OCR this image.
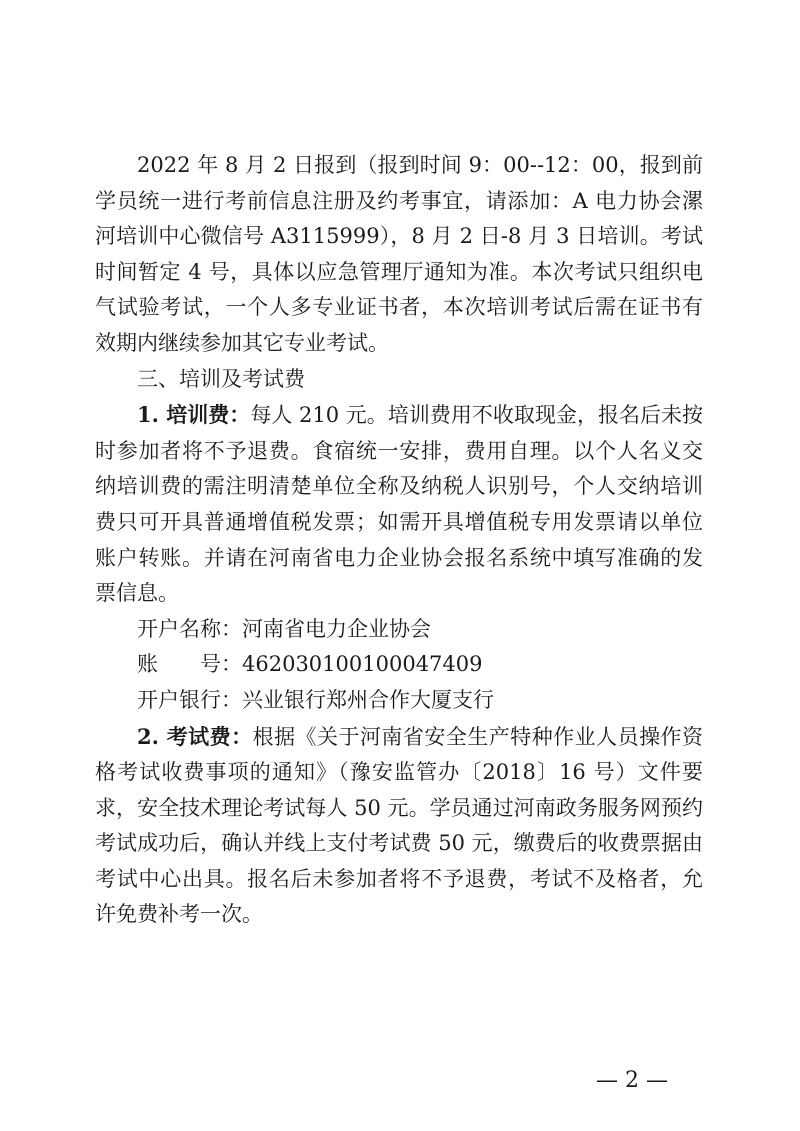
2022 年 8 月 2 日报到（报到时间 9：00--12：00，报到前学员统一进行考前信息注册及约考事宜，请添加：A 电力协会漯河培训中心微信号 A3115999），8 月 2 日-8 月 3 日培训。考试时间暂定 4 号，具体以应急管理厅通知为准。本次考试只组织电气试验考试，一个人多专业证书者，本次培训考试后需在证书有效期内继续参加其它专业考试。

三、培训及考试费

1. 培训费：每人 210 元。培训费用不收取现金，报名后未按时参加者将不予退费。食宿统一安排，费用自理。以个人名义交纳培训费的需注明清楚单位全称及纳税人识别号，个人交纳培训费只可开具普通增值税发票；如需开具增值税专用发票请以单位账户转账。并请在河南省电力企业协会报名系统中填写准确的发票信息。

开户名称：河南省电力企业协会

账　　号：462030100100047409

开户银行：兴业银行郑州合作大厦支行

2. 考试费：根据《关于河南省安全生产特种作业人员操作资格考试收费事项的通知》（豫安监管办〔2018〕16 号）文件要求，安全技术理论考试每人 50 元。学员通过河南政务服务网预约考试成功后，确认并线上支付考试费 50 元，缴费后的收费票据由考试中心出具。报名后未参加者将不予退费，考试不及格者，允许免费补考一次。

— 2 —
